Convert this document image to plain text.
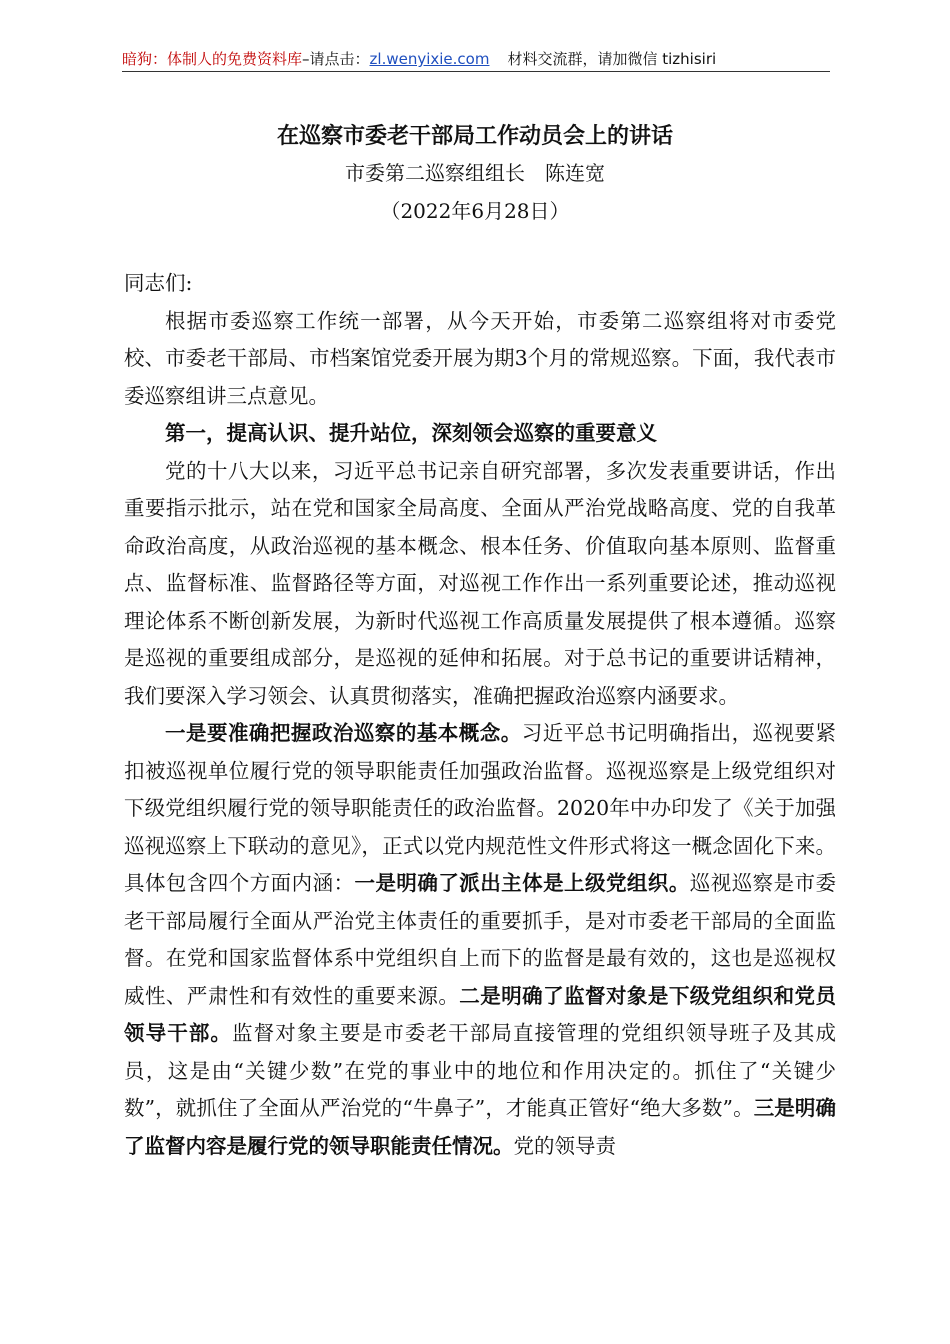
暗狗：体制人的免费资料库–请点击：zl.wenyixie.com 材料交流群，请加微信 tizhisiri
在巡察市委老干部局工作动员会上的讲话
市委第二巡察组组长　陈连宽
（2022年6月28日）

同志们:

根据市委巡察工作统一部署，从今天开始，市委第二巡察组将对市委党校、市委老干部局、市档案馆党委开展为期3个月的常规巡察。下面，我代表市委巡察组讲三点意见。

第一，提高认识、提升站位，深刻领会巡察的重要意义

党的十八大以来，习近平总书记亲自研究部署，多次发表重要讲话，作出重要指示批示，站在党和国家全局高度、全面从严治党战略高度、党的自我革命政治高度，从政治巡视的基本概念、根本任务、价值取向基本原则、监督重点、监督标准、监督路径等方面，对巡视工作作出一系列重要论述，推动巡视理论体系不断创新发展，为新时代巡视工作高质量发展提供了根本遵循。巡察是巡视的重要组成部分，是巡视的延伸和拓展。对于总书记的重要讲话精神，我们要深入学习领会、认真贯彻落实，准确把握政治巡察内涵要求。

一是要准确把握政治巡察的基本概念。习近平总书记明确指出，巡视要紧扣被巡视单位履行党的领导职能责任加强政治监督。巡视巡察是上级党组织对下级党组织履行党的领导职能责任的政治监督。2020年中办印发了《关于加强巡视巡察上下联动的意见》，正式以党内规范性文件形式将这一概念固化下来。具体包含四个方面内涵：一是明确了派出主体是上级党组织。巡视巡察是市委老干部局履行全面从严治党主体责任的重要抓手，是对市委老干部局的全面监督。在党和国家监督体系中党组织自上而下的监督是最有效的，这也是巡视权威性、严肃性和有效性的重要来源。二是明确了监督对象是下级党组织和党员领导干部。监督对象主要是市委老干部局直接管理的党组织领导班子及其成员，这是由“关键少数”在党的事业中的地位和作用决定的。抓住了“关键少数”，就抓住了全面从严治党的“牛鼻子”，才能真正管好“绝大多数”。三是明确了监督内容是履行党的领导职能责任情况。党的领导责
